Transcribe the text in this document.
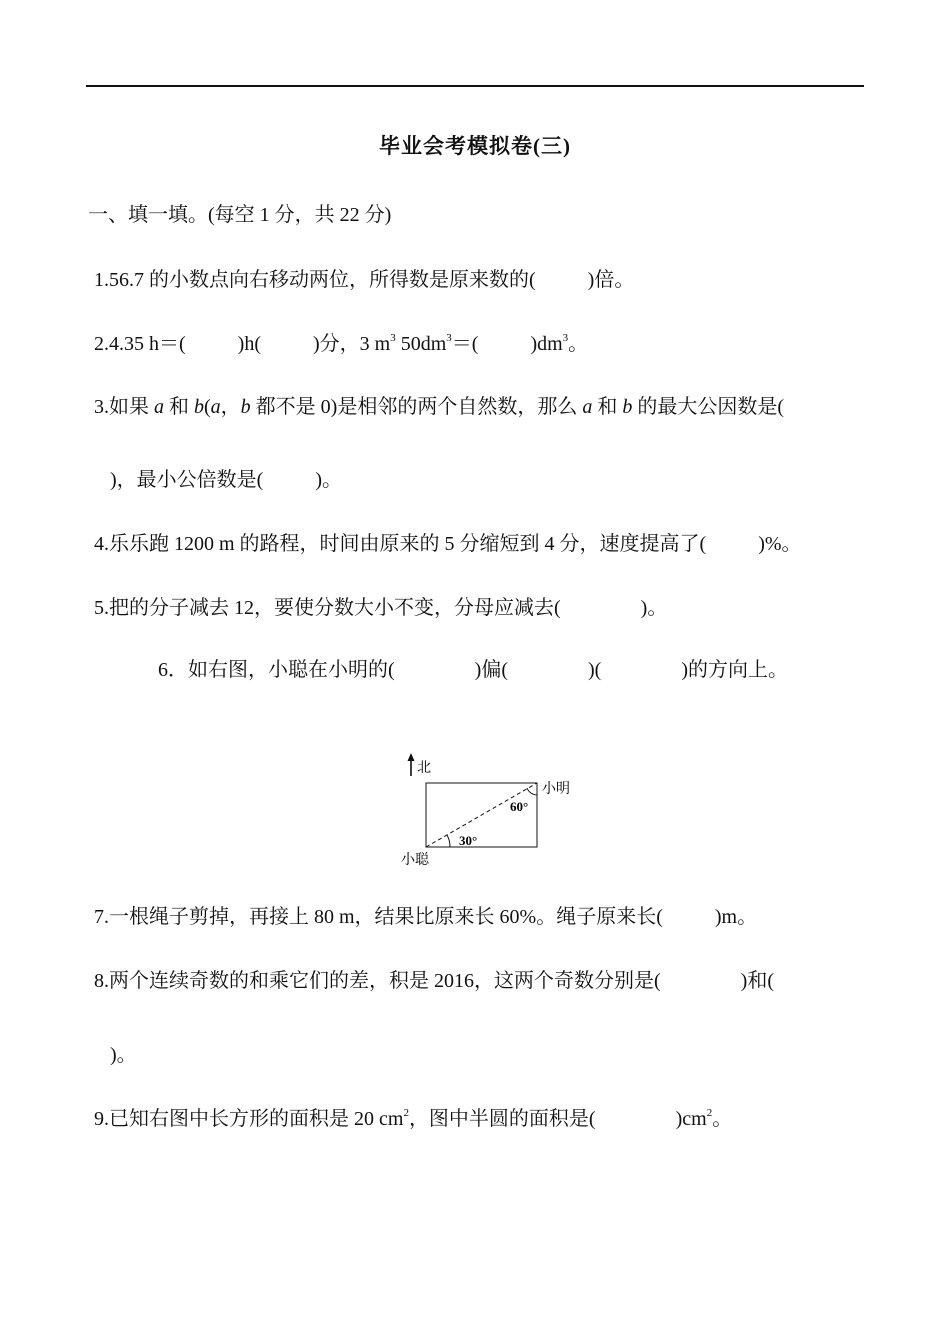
毕业会考模拟卷(三)
一、填一填。(每空 1 分，共 22 分)
1.56.7 的小数点向右移动两位，所得数是原来数的(	)倍。
2.4.35 h＝(	)h(	)分，3 $m^3$ $50dm^3=$(	)$dm^3$。
3.如果 a 和 b(a，b 都不是 0)是相邻的两个自然数，那么 a 和 b 的最大公因数是(
)，最小公倍数是(	)。
4.乐乐跑 1200 m 的路程，时间由原来的 5 分缩短到 4 分，速度提高了(	)%。
5.把的分子减去 12，要使分数大小不变，分母应减去(	)。
6．如右图，小聪在小明的(	)偏(	)(	)的方向上。
北
小明
60°
30°
小聪
7.一根绳子剪掉，再接上 80 m，结果比原来长 60%。绳子原来长(	)m。
8.两个连续奇数的和乘它们的差，积是 2016，这两个奇数分别是(	)和(
)。
9.已知右图中长方形的面积是 20 $cm^2$，图中半圆的面积是(	)$cm^2$。
